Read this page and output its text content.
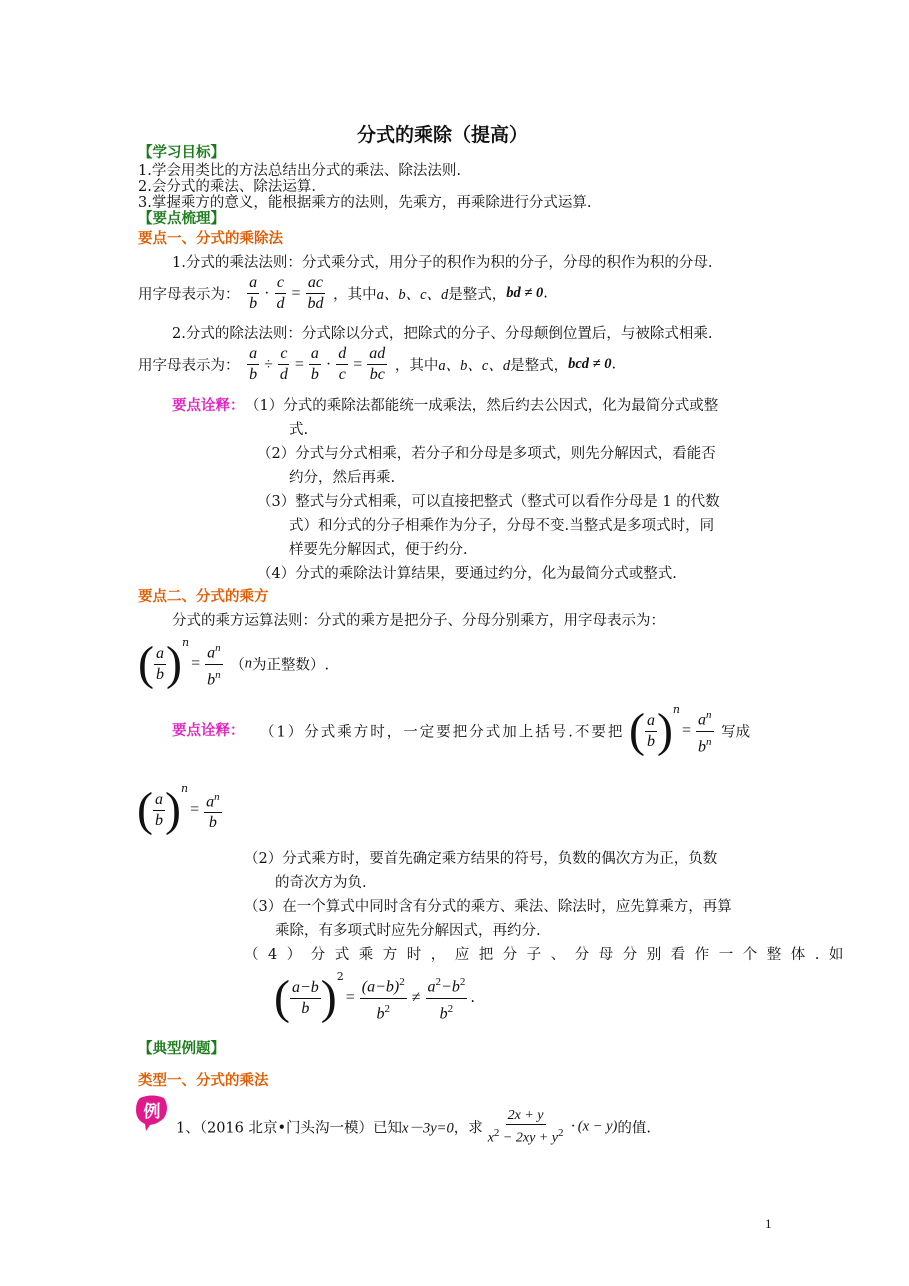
分式的乘除（提高）
【学习目标】
1.学会用类比的方法总结出分式的乘法、除法法则.
2.会分式的乘法、除法运算.
3.掌握乘方的意义，能根据乘方的法则，先乘方，再乘除进行分式运算.
【要点梳理】
要点一、分式的乘除法
1.分式的乘法法则：分式乘分式，用分子的积作为积的分子，分母的积作为积的分母.
用字母表示为： $\frac{a}{b} \cdot \frac{c}{d} = \frac{ac}{bd}$ ，其中a、b、c、d是整式，bd ≠ 0.
2.分式的除法法则：分式除以分式，把除式的分子、分母颠倒位置后，与被除式相乘.
用字母表示为： $\frac{a}{b} \div \frac{c}{d} = \frac{a}{b} \cdot \frac{d}{c} = \frac{ad}{bc}$ ，其中a、b、c、d是整式，bcd ≠ 0.
要点诠释： （1）分式的乘除法都能统一成乘法，然后约去公因式，化为最简分式或整
式.
（2）分式与分式相乘，若分子和分母是多项式，则先分解因式，看能否
约分，然后再乘.
（3）整式与分式相乘，可以直接把整式（整式可以看作分母是 1 的代数
式）和分式的分子相乘作为分子，分母不变.当整式是多项式时，同
样要先分解因式，便于约分.
（4）分式的乘除法计算结果，要通过约分，化为最简分式或整式.
要点二、分式的乘方
分式的乘方运算法则：分式的乘方是把分子、分母分别乘方，用字母表示为：
( $\frac{a}{b} )^n= \frac{a^n}{b^n} (n$为正整数）.
要点诠释： （1）分式乘方时，一定要把分式加上括号.不要把 ( $\frac{a}{b} )^n= \frac{a^n}{b^n}$ 写成
( $\frac{a}{b} )^n= \frac{a^n}{b}$
（2）分式乘方时，要首先确定乘方结果的符号，负数的偶次方为正，负数
的奇次方为负.
（3）在一个算式中同时含有分式的乘方、乘法、除法时，应先算乘方，再算
乘除，有多项式时应先分解因式，再约分.
（4）分式乘方时，应把分子、分母分别看作一个整体.如
( $\frac{a-b}{b} )^2= \frac{(a-b)^2}{b^2} \ne \frac{a^2-b^2}{b^2}$ .
【典型例题】
类型一、分式的乘法
例
1、（2016 北京•门头沟一模）已知x－3y=0，求 $\frac{2x + y}{x^2 - 2xy + y^2} \cdot (x - y)$的值.
1
